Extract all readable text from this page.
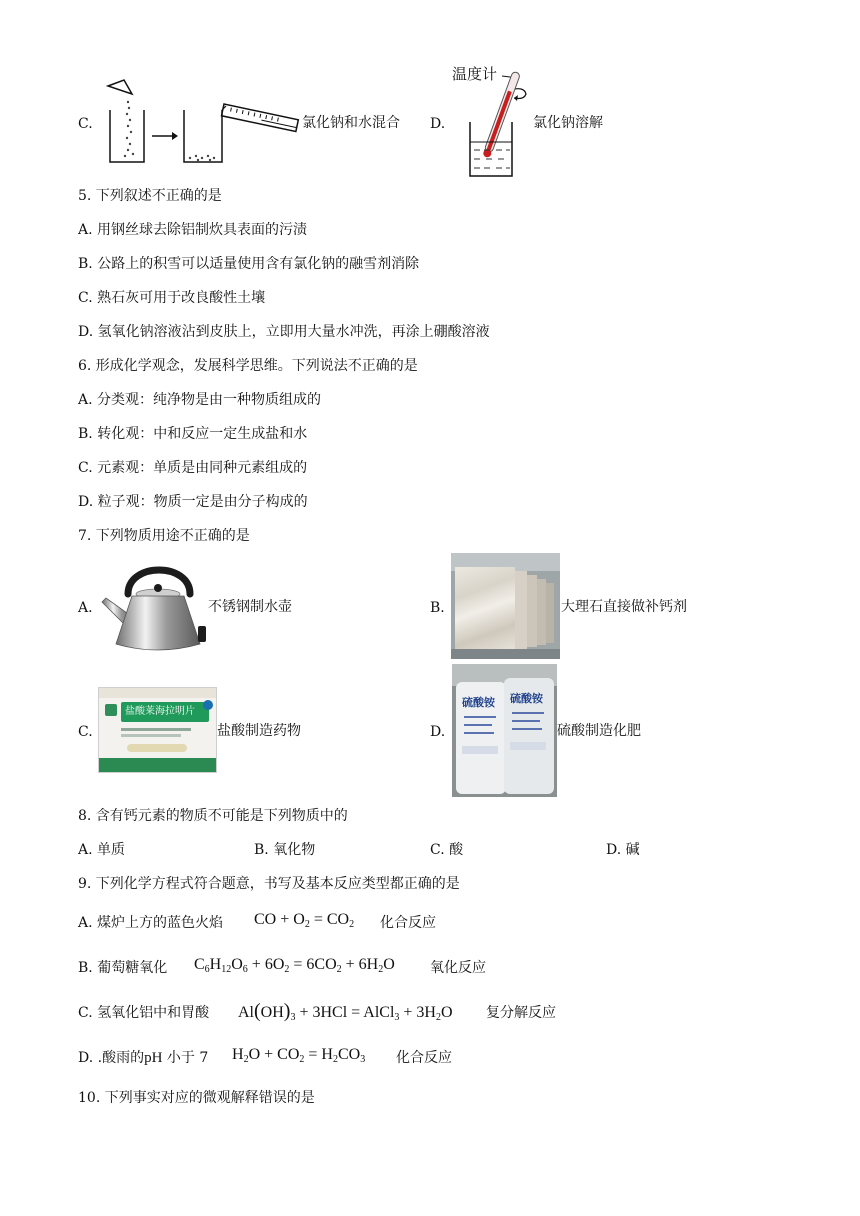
C.	氯化钠和水混合 D.
温度计
氯化钠溶解
5. 下列叙述不正确的是
A. 用钢丝球去除铝制炊具表面的污渍
B. 公路上的积雪可以适量使用含有氯化钠的融雪剂消除
C. 熟石灰可用于改良酸性土壤
D. 氢氧化钠溶液沾到皮肤上，立即用大量水冲洗，再涂上硼酸溶液
6. 形成化学观念，发展科学思维。下列说法不正确的是
A. 分类观：纯净物是由一种物质组成的
B. 转化观：中和反应一定生成盐和水
C. 元素观：单质是由同种元素组成的
D. 粒子观：物质一定是由分子构成的
7. 下列物质用途不正确的是
A.	不锈钢制水壶	B.	大理石直接做补钙剂
C.
盐酸莱海拉明片
盐酸制造药物	D.
硫酸铵 硫酸铵
硫酸制造化肥
8. 含有钙元素的物质不可能是下列物质中的
A. 单质	B. 氧化物	C. 酸	D. 碱
9. 下列化学方程式符合题意，书写及基本反应类型都正确的是
A. 煤炉上方的蓝色火焰 CO + $O_2 = CO_2$ 化合反应
B. 葡萄糖氧化 $C_6H_{12}O_6 + 6O_2 = 6CO_2 + 6H_2O$	氧化反应
C. 氢氧化铝中和胃酸 $Al(OH)_3 + 3HCl$ = AlCl$_3$ + $3H_2O$ 复分解反应
D. .酸雨的pH 小于 7 $H_2O + CO_2 = H_2CO_3$ 化合反应
10. 下列事实对应的微观解释错误的是
